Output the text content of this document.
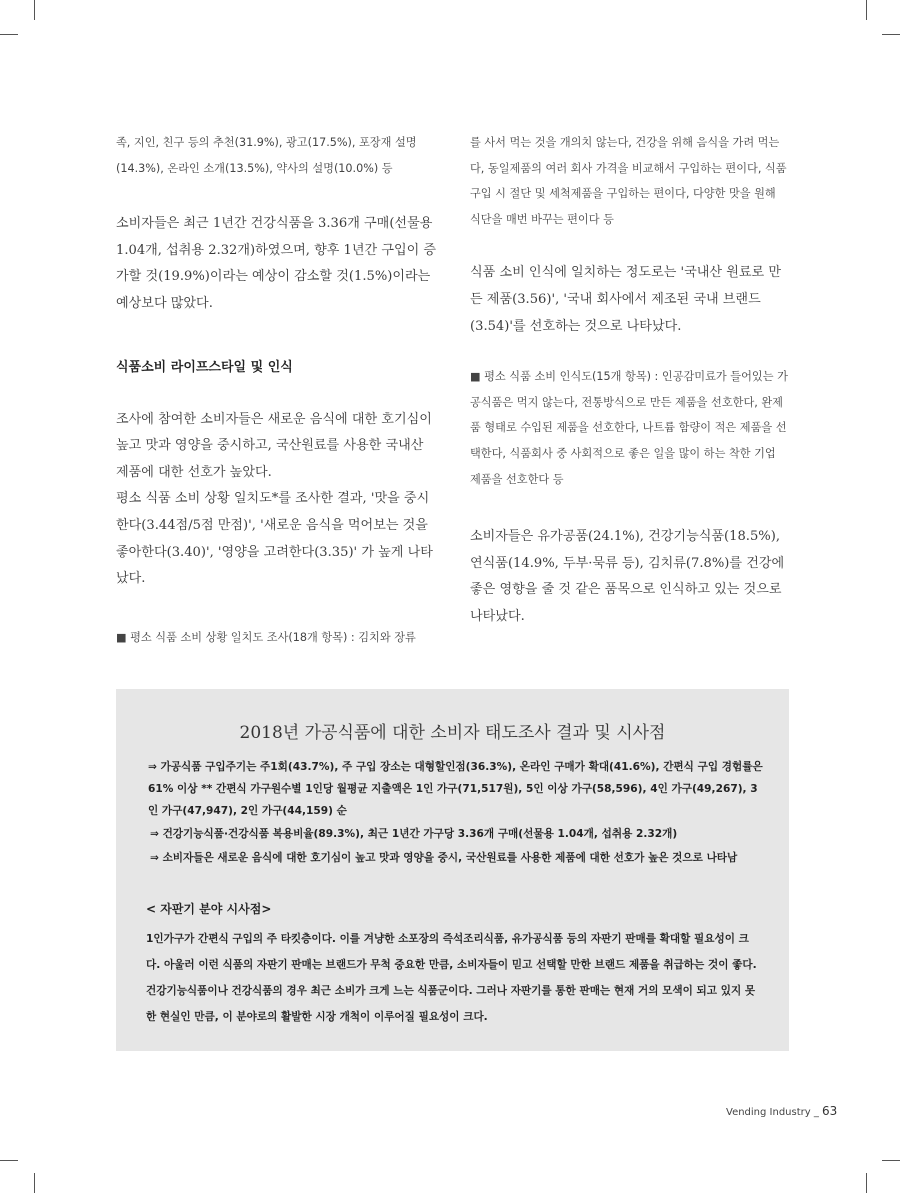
족, 지인, 친구 등의 추천(31.9%), 광고(17.5%), 포장재 설명(14.3%), 온라인 소개(13.5%), 약사의 설명(10.0%) 등

소비자들은 최근 1년간 건강식품을 3.36개 구매(선물용 1.04개, 섭취용 2.32개)하였으며, 향후 1년간 구입이 증가할 것(19.9%)이라는 예상이 감소할 것(1.5%)이라는 예상보다 많았다.

식품소비 라이프스타일 및 인식

조사에 참여한 소비자들은 새로운 음식에 대한 호기심이 높고 맛과 영양을 중시하고, 국산원료를 사용한 국내산 제품에 대한 선호가 높았다.

평소 식품 소비 상황 일치도*를 조사한 결과, '맛을 중시한다(3.44점/5점 만점)', '새로운 음식을 먹어보는 것을 좋아한다(3.40)', '영양을 고려한다(3.35)' 가 높게 나타났다.

■ 평소 식품 소비 상황 일치도 조사(18개 항목) : 김치와 장류

를 사서 먹는 것을 개의치 않는다, 건강을 위해 음식을 가려 먹는다, 동일제품의 여러 회사 가격을 비교해서 구입하는 편이다, 식품 구입 시 절단 및 세척제품을 구입하는 편이다, 다양한 맛을 원해 식단을 매번 바꾸는 편이다 등

식품 소비 인식에 일치하는 정도로는 '국내산 원료로 만든 제품(3.56)', '국내 회사에서 제조된 국내 브랜드(3.54)'를 선호하는 것으로 나타났다.

■ 평소 식품 소비 인식도(15개 항목) : 인공감미료가 들어있는 가공식품은 먹지 않는다, 전통방식으로 만든 제품을 선호한다, 완제품 형태로 수입된 제품을 선호한다, 나트륨 함량이 적은 제품을 선택한다, 식품회사 중 사회적으로 좋은 일을 많이 하는 착한 기업 제품을 선호한다 등

소비자들은 유가공품(24.1%), 건강기능식품(18.5%), 연식품(14.9%, 두부·묵류 등), 김치류(7.8%)를 건강에 좋은 영향을 줄 것 같은 품목으로 인식하고 있는 것으로 나타났다.

2018년 가공식품에 대한 소비자 태도조사 결과 및 시사점
⇒ 가공식품 구입주기는 주1회(43.7%), 주 구입 장소는 대형할인점(36.3%), 온라인 구매가 확대(41.6%), 간편식 구입 경험률은 61% 이상 ** 간편식 가구원수별 1인당 월평균 지출액은 1인 가구(71,517원), 5인 이상 가구(58,596), 4인 가구(49,267), 3인 가구(47,947), 2인 가구(44,159) 순
⇒ 건강기능식품·건강식품 복용비율(89.3%), 최근 1년간 가구당 3.36개 구매(선물용 1.04개, 섭취용 2.32개)
⇒ 소비자들은 새로운 음식에 대한 호기심이 높고 맛과 영양을 중시, 국산원료를 사용한 제품에 대한 선호가 높은 것으로 나타남
< 자판기 분야 시사점>
1인가구가 간편식 구입의 주 타킷층이다. 이를 겨냥한 소포장의 즉석조리식품, 유가공식품 등의 자판기 판매를 확대할 필요성이 크다. 아울러 이런 식품의 자판기 판매는 브랜드가 무척 중요한 만큼, 소비자들이 믿고 선택할 만한 브랜드 제품을 취급하는 것이 좋다. 건강기능식품이나 건강식품의 경우 최근 소비가 크게 느는 식품군이다. 그러나 자판기를 통한 판매는 현재 거의 모색이 되고 있지 못한 현실인 만큼, 이 분야로의 활발한 시장 개척이 이루어질 필요성이 크다.
Vending Industry _ 63
